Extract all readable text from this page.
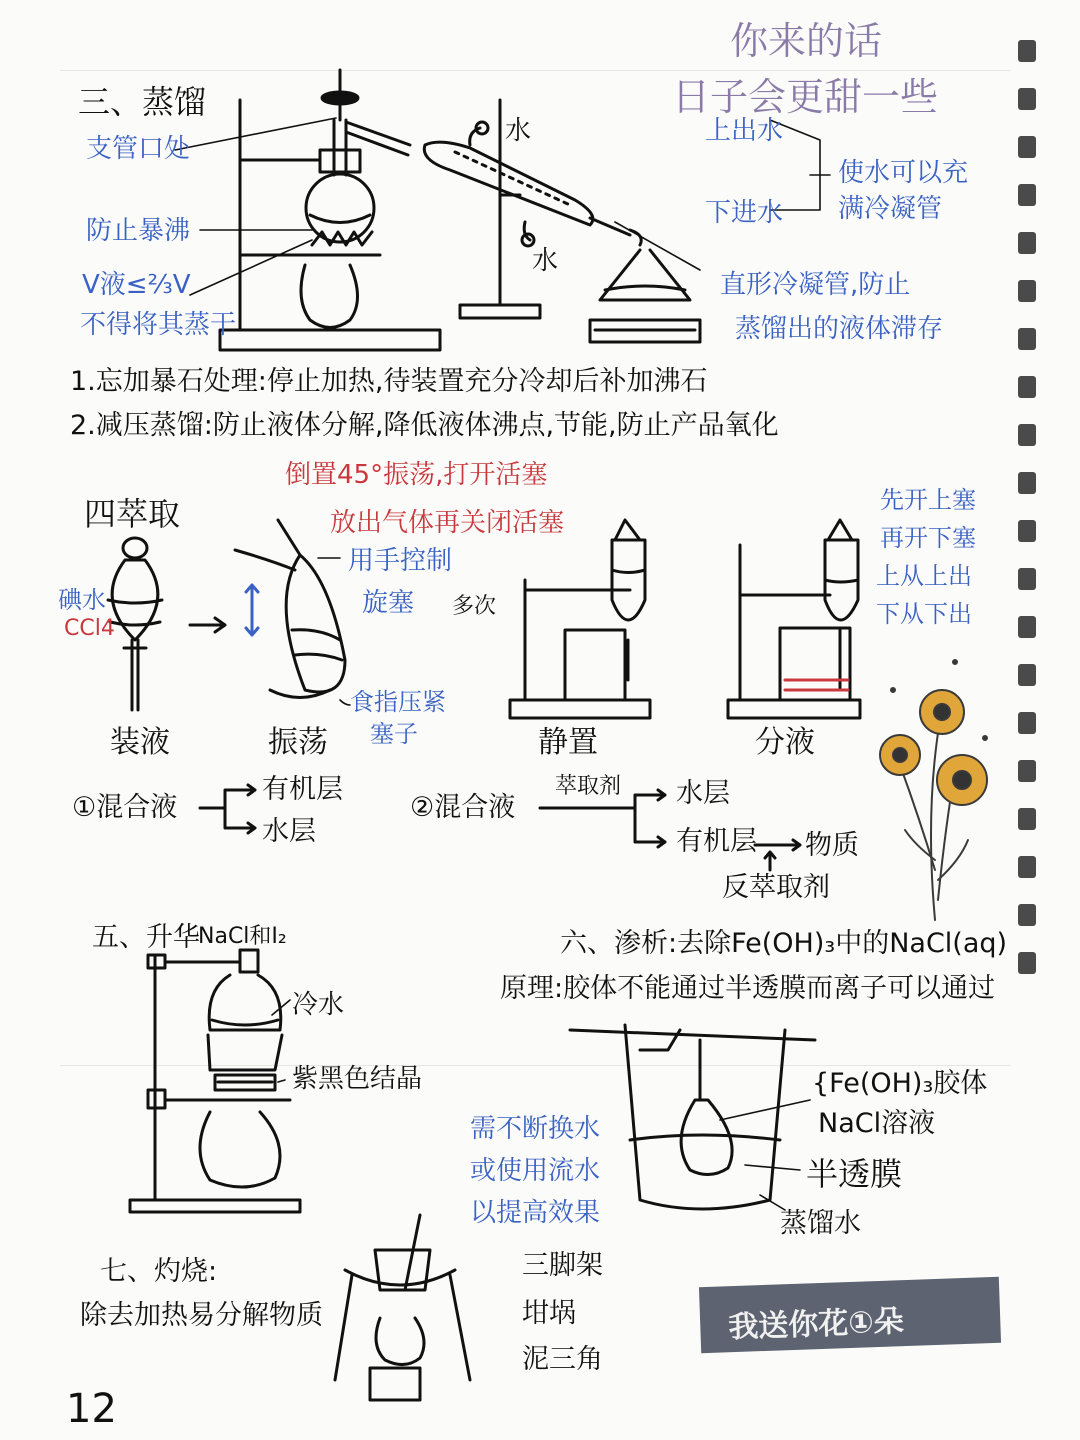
你来的话
日子会更甜一些
三、蒸馏
支管口处
防止暴沸
V液≤⅔V
不得将其蒸干
水
水
上出水
下进水
使水可以充
满冷凝管
直形冷凝管,防止
蒸馏出的液体滞存
1.忘加暴石处理:停止加热,待装置充分冷却后补加沸石
2.减压蒸馏:防止液体分解,降低液体沸点,节能,防止产品氧化
四萃取
倒置45°振荡,打开活塞
放出气体再关闭活塞
用手控制
旋塞 多次
碘水
CCl4
食指压紧
塞子
先开上塞
再开下塞
上从上出
下从下出
装液	振荡	静置	分液
①混合液
有机层
水层
②混合液
萃取剂 水层
有机层 物质
反萃取剂
五、升华
NaCl和I₂
冷水
紫黑色结晶
六、渗析:去除Fe(OH)₃中的NaCl(aq)
原理:胶体不能通过半透膜而离子可以通过
{Fe(OH)₃胶体
NaCl溶液
半透膜
蒸馏水
需不断换水
或使用流水
以提高效果
七、灼烧:
除去加热易分解物质
三脚架
坩埚
泥三角
我送你花①朵
12
